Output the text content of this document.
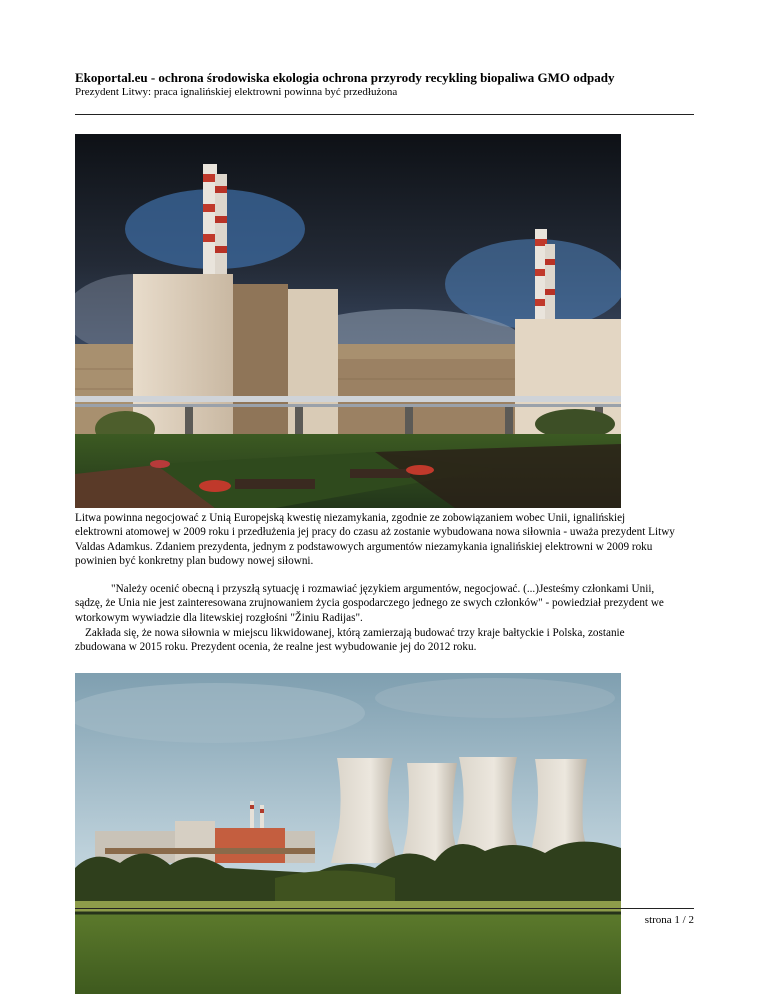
Ekoportal.eu - ochrona środowiska ekologia ochrona przyrody recykling biopaliwa GMO odpady
Prezydent Litwy: praca ignalińskiej elektrowni powinna być przedłużona
Litwa powinna negocjować z Unią Europejską kwestię niezamykania, zgodnie ze zobowiązaniem wobec Unii, ignalińskiej elektrowni atomowej w 2009 roku i przedłużenia jej pracy do czasu aż zostanie wybudowana nowa siłownia - uważa prezydent Litwy Valdas Adamkus. Zdaniem prezydenta, jednym z podstawowych argumentów niezamykania ignalińskiej elektrowni w 2009 roku powinien być konkretny plan budowy nowej siłowni.
"Należy ocenić obecną i przyszłą sytuację i rozmawiać językiem argumentów, negocjować. (...)Jesteśmy członkami Unii, sądzę, że Unia nie jest zainteresowana zrujnowaniem życia gospodarczego jednego ze swych członków" - powiedział prezydent we wtorkowym wywiadzie dla litewskiej rozgłośni "Žiniu Radijas".
Zakłada się, że nowa siłownia w miejscu likwidowanej, którą zamierzają budować trzy kraje bałtyckie i Polska, zostanie zbudowana w 2015 roku. Prezydent ocenia, że realne jest wybudowanie jej do 2012 roku.
strona 1 / 2
